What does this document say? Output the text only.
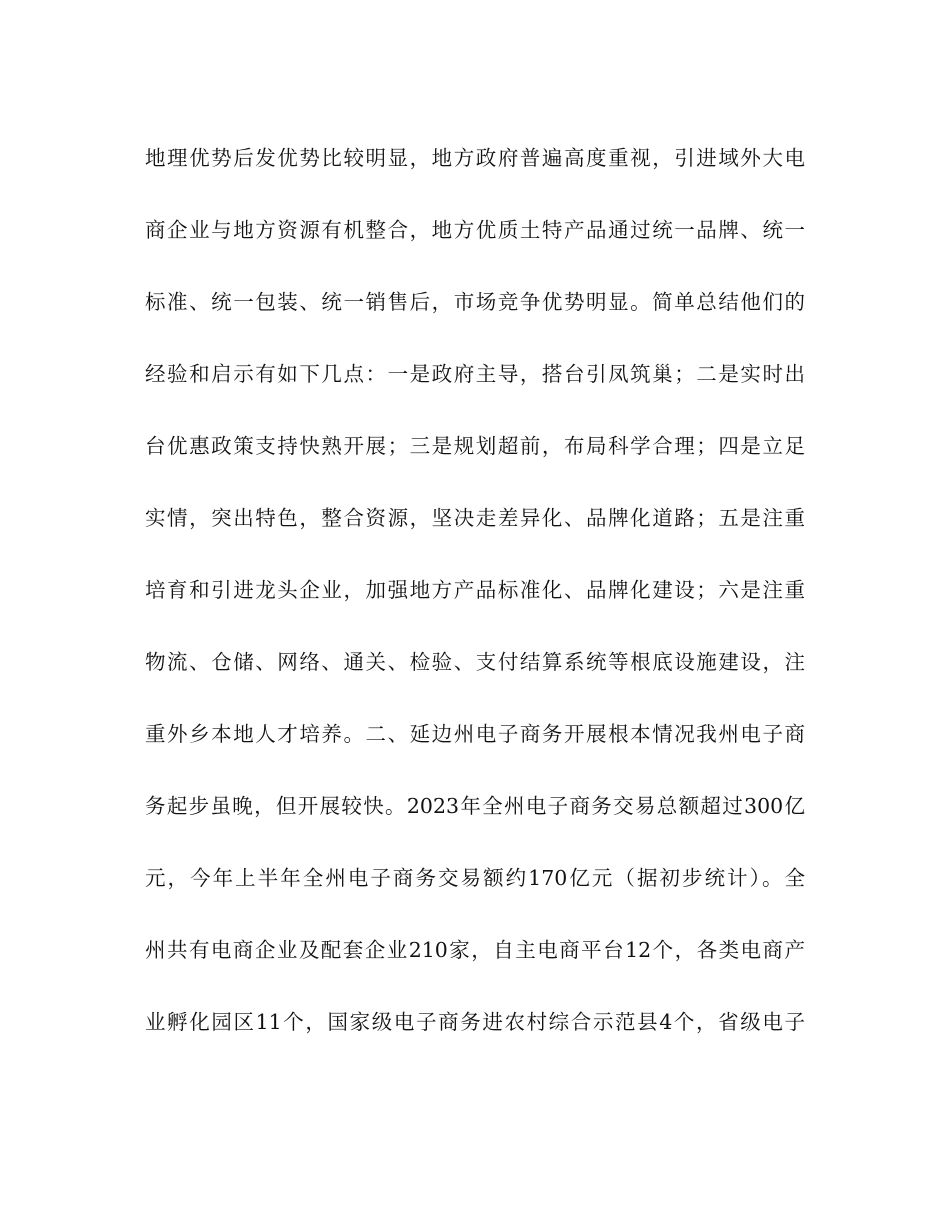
地理优势后发优势比较明显，地方政府普遍高度重视，引进域外大电
商企业与地方资源有机整合，地方优质土特产品通过统一品牌、统一
标准、统一包装、统一销售后，市场竞争优势明显。简单总结他们的
经验和启示有如下几点：一是政府主导，搭台引凤筑巢；二是实时出
台优惠政策支持快熟开展；三是规划超前，布局科学合理；四是立足
实情，突出特色，整合资源，坚决走差异化、品牌化道路；五是注重
培育和引进龙头企业，加强地方产品标准化、品牌化建设；六是注重
物流、仓储、网络、通关、检验、支付结算系统等根底设施建设，注
重外乡本地人才培养。二、延边州电子商务开展根本情况我州电子商
务起步虽晚，但开展较快。2023年全州电子商务交易总额超过300亿
元，今年上半年全州电子商务交易额约170亿元（据初步统计）。全
州共有电商企业及配套企业210家，自主电商平台12个，各类电商产
业孵化园区11个，国家级电子商务进农村综合示范县4个，省级电子
